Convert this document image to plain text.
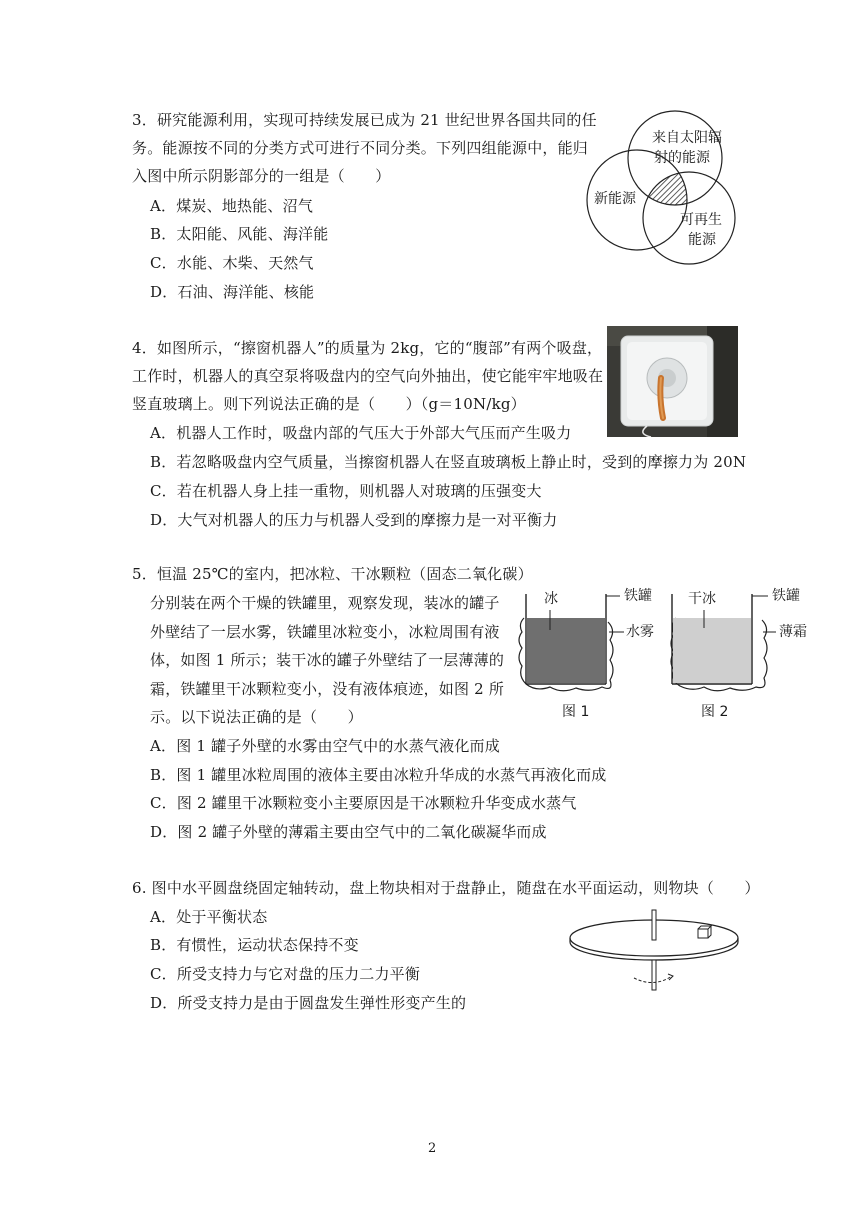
3．研究能源利用，实现可持续发展已成为 21 世纪世界各国共同的任
务。能源按不同的分类方式可进行不同分类。下列四组能源中，能归
入图中所示阴影部分的一组是（　　）
A．煤炭、地热能、沼气
B．太阳能、风能、海洋能
C．水能、木柴、天然气
D．石油、海洋能、核能
来自太阳辐
射的能源
新能源
可再生
能源
4．如图所示，“擦窗机器人”的质量为 2kg，它的“腹部”有两个吸盘，
工作时，机器人的真空泵将吸盘内的空气向外抽出，使它能牢牢地吸在
竖直玻璃上。则下列说法正确的是（　　）（g＝10N/kg）
A．机器人工作时，吸盘内部的气压大于外部大气压而产生吸力
B．若忽略吸盘内空气质量，当擦窗机器人在竖直玻璃板上静止时，受到的摩擦力为 20N
C．若在机器人身上挂一重物，则机器人对玻璃的压强变大
D．大气对机器人的压力与机器人受到的摩擦力是一对平衡力
5．恒温 25℃的室内，把冰粒、干冰颗粒（固态二氧化碳）
分别装在两个干燥的铁罐里，观察发现，装冰的罐子
外壁结了一层水雾，铁罐里冰粒变小，冰粒周围有液
体，如图 1 所示；装干冰的罐子外壁结了一层薄薄的
霜，铁罐里干冰颗粒变小，没有液体痕迹，如图 2 所
示。以下说法正确的是（　　）
A．图 1 罐子外壁的水雾由空气中的水蒸气液化而成
B．图 1 罐里冰粒周围的液体主要由冰粒升华成的水蒸气再液化而成
C．图 2 罐里干冰颗粒变小主要原因是干冰颗粒升华变成水蒸气
D．图 2 罐子外壁的薄霜主要由空气中的二氧化碳凝华而成
冰	铁罐
水雾
图 1
干冰	铁罐
薄霜
图 2
6. 图中水平圆盘绕固定轴转动，盘上物块相对于盘静止，随盘在水平面运动，则物块（　　）
A．处于平衡状态
B．有惯性，运动状态保持不变
C．所受支持力与它对盘的压力二力平衡
D．所受支持力是由于圆盘发生弹性形变产生的
2
